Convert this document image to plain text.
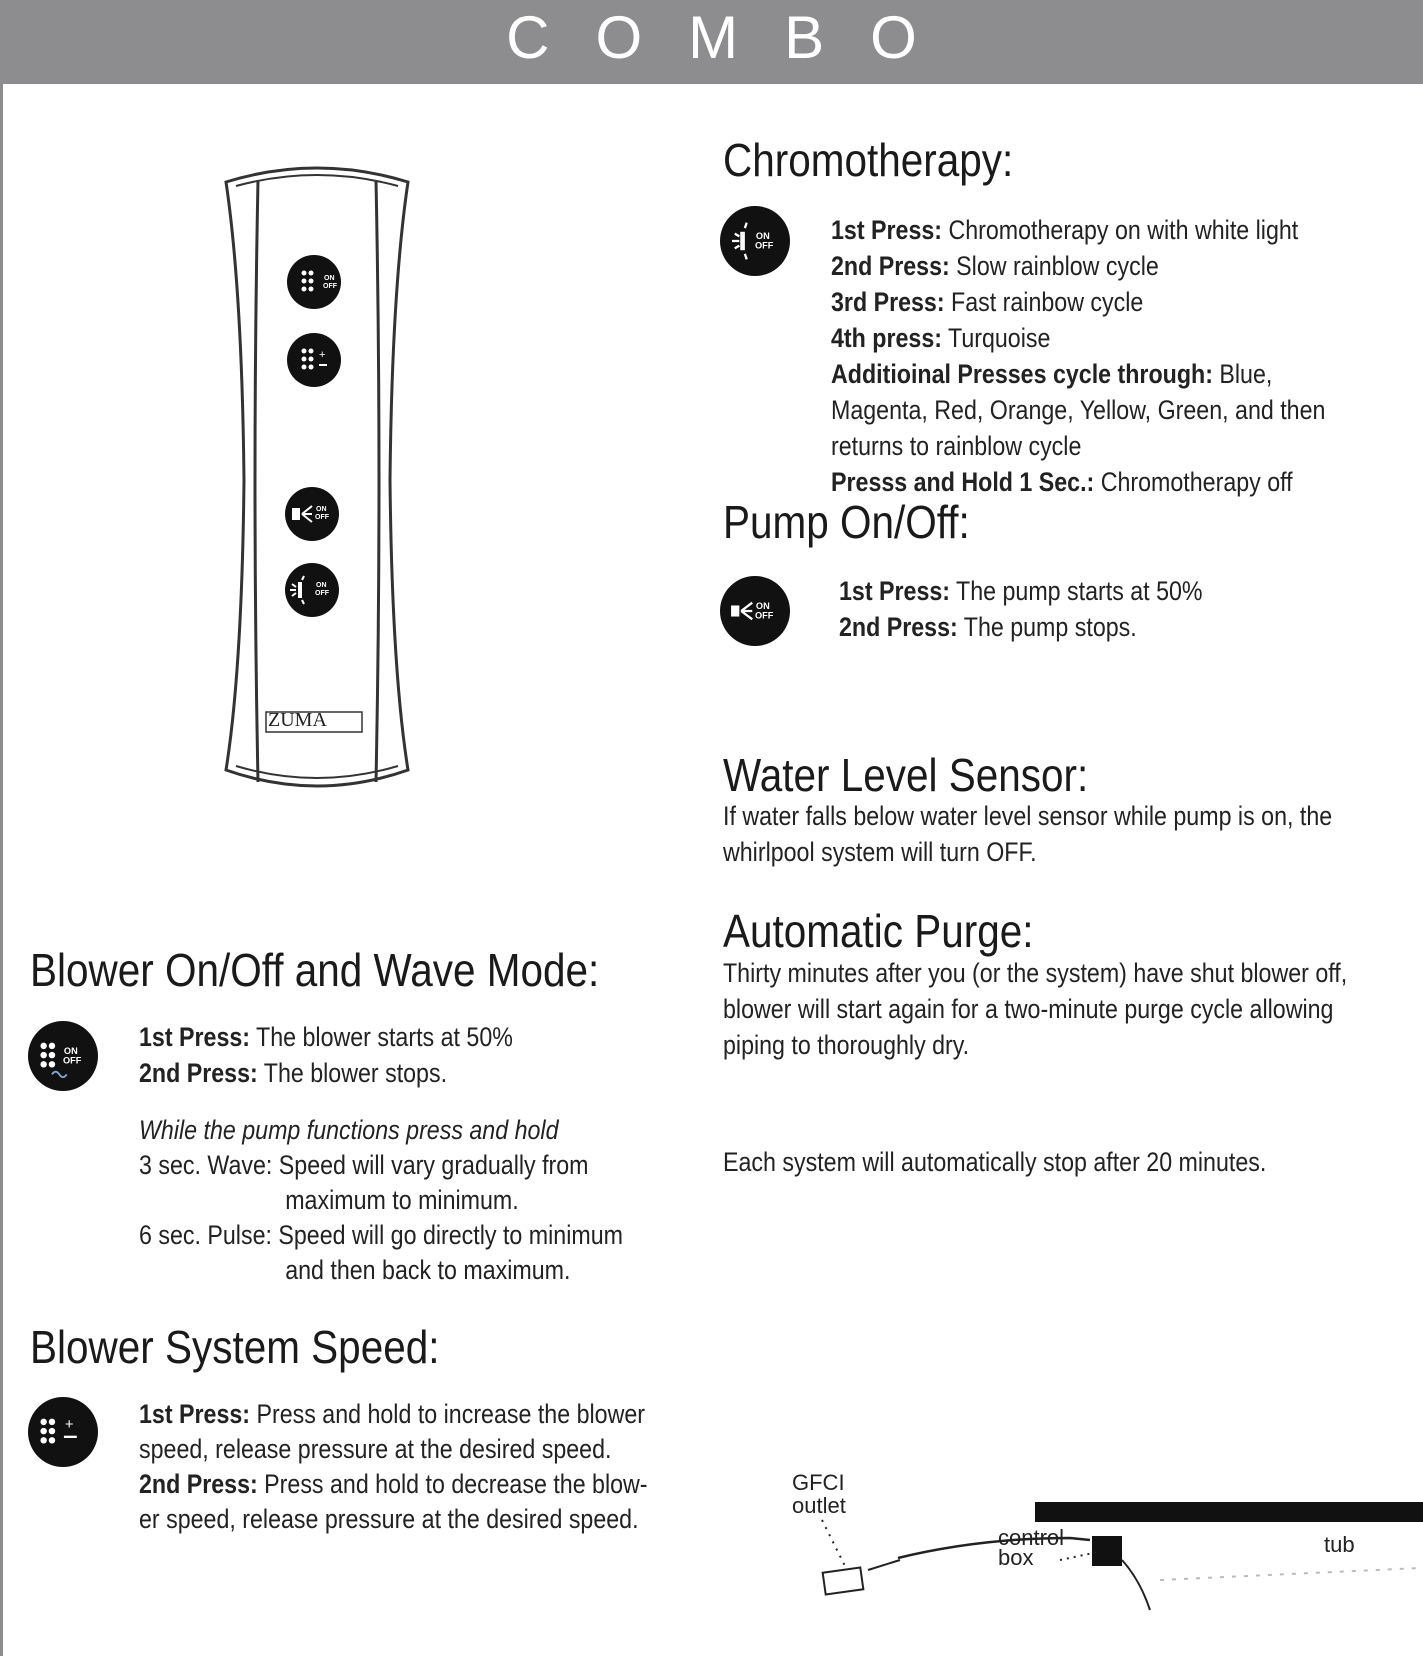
COMBO
ON
OFF
+
ON
OFF
ON
OFF
ZUMA
Chromotherapy:
ON
OFF

1st Press: Chromotherapy on with white light

2nd Press: Slow rainblow cycle

3rd Press: Fast rainbow cycle

4th press: Turquoise

Additioinal Presses cycle through: Blue,

Magenta, Red, Orange, Yellow, Green, and then

returns to rainblow cycle

Presss and Hold 1 Sec.: Chromotherapy off

Pump On/Off:
ON
OFF

1st Press: The pump starts at 50%

2nd Press: The pump stops.

Water Level Sensor:

If water falls below water level sensor while pump is on, the

whirlpool system will turn OFF.

Automatic Purge:

Thirty minutes after you (or the system) have shut blower off,

blower will start again for a two-minute purge cycle allowing

piping to thoroughly dry.

Each system will automatically stop after 20 minutes.

Blower On/Off and Wave Mode:
ON
OFF

1st Press: The blower starts at 50%

2nd Press: The blower stops.

While the pump functions press and hold

3 sec. Wave: Speed will vary gradually from

maximum to minimum.

6 sec. Pulse: Speed will go directly to minimum

and then back to maximum.

Blower System Speed:
+ 1st Press: Press and hold to increase the blower

speed, release pressure at the desired speed.

2nd Press: Press and hold to decrease the blow-

er speed, release pressure at the desired speed.

GFCI
outlet
control
box
tub
